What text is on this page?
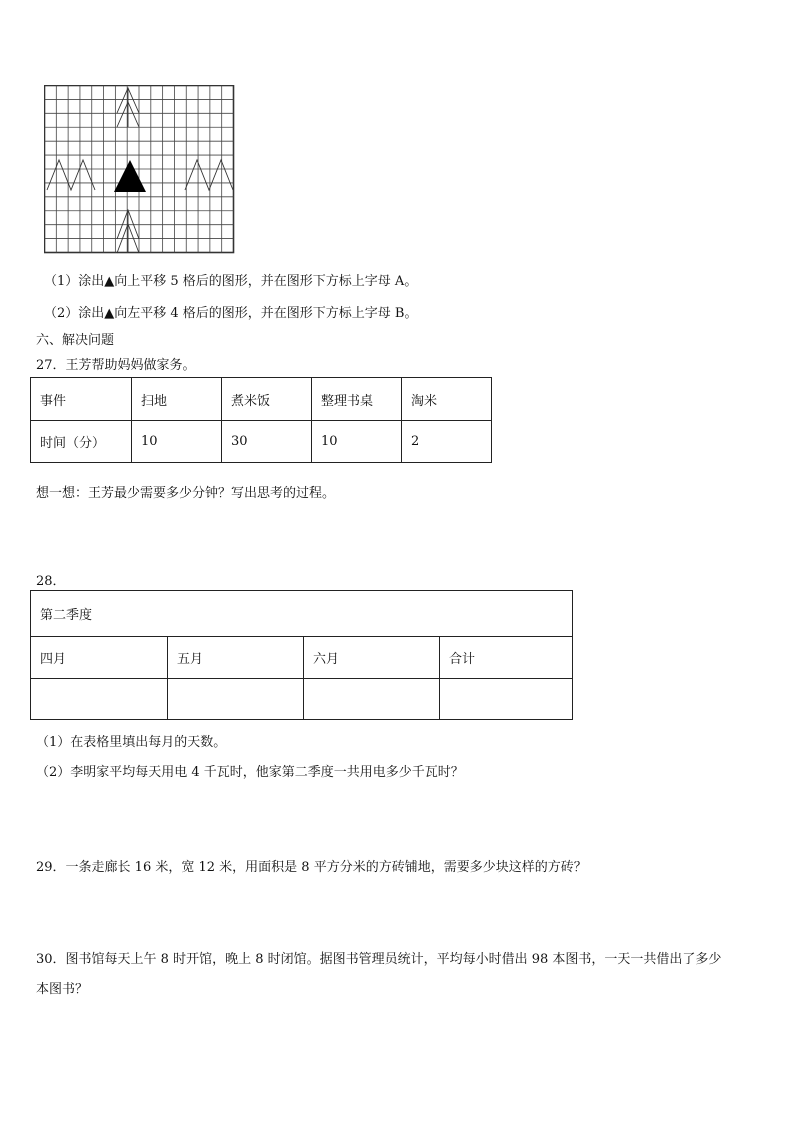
（1）涂出▲向上平移 5 格后的图形，并在图形下方标上字母 A。
（2）涂出▲向左平移 4 格后的图形，并在图形下方标上字母 B。
六、解决问题
27．王芳帮助妈妈做家务。
事件	扫地	煮米饭	整理书桌	淘米
时间（分）	10	30	10	2
想一想：王芳最少需要多少分钟？写出思考的过程。
28．
第二季度			
四月	五月	六月	合计

（1）在表格里填出每月的天数。
（2）李明家平均每天用电 4 千瓦时，他家第二季度一共用电多少千瓦时？
29．一条走廊长 16 米，宽 12 米，用面积是 8 平方分米的方砖铺地，需要多少块这样的方砖？
30．图书馆每天上午 8 时开馆，晚上 8 时闭馆。据图书管理员统计，平均每小时借出 98 本图书，一天一共借出了多少
本图书？
